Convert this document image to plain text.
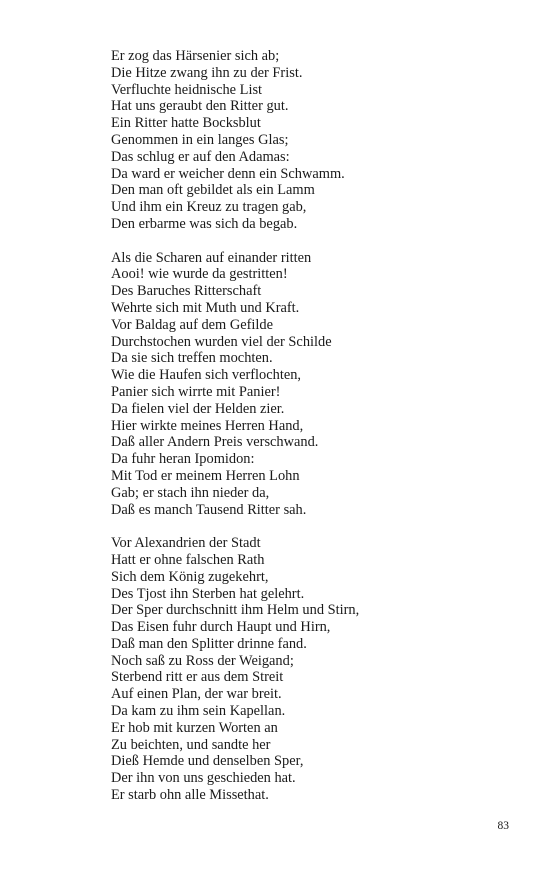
Er zog das Härsenier sich ab;
Die Hitze zwang ihn zu der Frist.
Verfluchte heidnische List
Hat uns geraubt den Ritter gut.
Ein Ritter hatte Bocksblut
Genommen in ein langes Glas;
Das schlug er auf den Adamas:
Da ward er weicher denn ein Schwamm.
Den man oft gebildet als ein Lamm
Und ihm ein Kreuz zu tragen gab,
Den erbarme was sich da begab.
Als die Scharen auf einander ritten
Aooi! wie wurde da gestritten!
Des Baruches Ritterschaft
Wehrte sich mit Muth und Kraft.
Vor Baldag auf dem Gefilde
Durchstochen wurden viel der Schilde
Da sie sich treffen mochten.
Wie die Haufen sich verflochten,
Panier sich wirrte mit Panier!
Da fielen viel der Helden zier.
Hier wirkte meines Herren Hand,
Daß aller Andern Preis verschwand.
Da fuhr heran Ipomidon:
Mit Tod er meinem Herren Lohn
Gab; er stach ihn nieder da,
Daß es manch Tausend Ritter sah.
Vor Alexandrien der Stadt
Hatt er ohne falschen Rath
Sich dem König zugekehrt,
Des Tjost ihn Sterben hat gelehrt.
Der Sper durchschnitt ihm Helm und Stirn,
Das Eisen fuhr durch Haupt und Hirn,
Daß man den Splitter drinne fand.
Noch saß zu Ross der Weigand;
Sterbend ritt er aus dem Streit
Auf einen Plan, der war breit.
Da kam zu ihm sein Kapellan.
Er hob mit kurzen Worten an
Zu beichten, und sandte her
Dieß Hemde und denselben Sper,
Der ihn von uns geschieden hat.
Er starb ohn alle Missethat.
83
